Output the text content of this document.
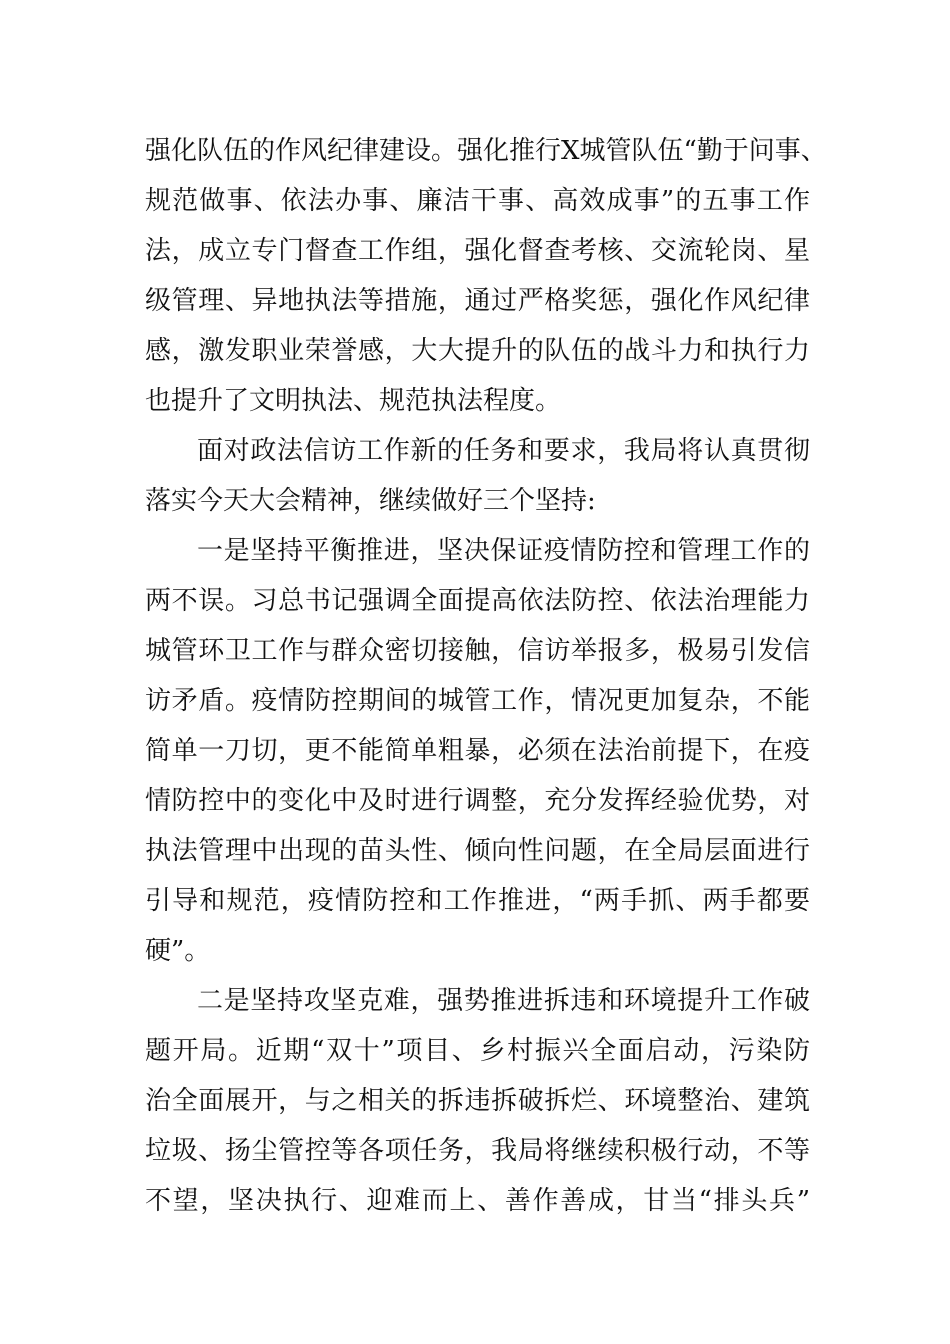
强化队伍的作风纪律建设。强化推行X城管队伍“勤于问事、
规范做事、依法办事、廉洁干事、高效成事”的五事工作
法，成立专门督查工作组，强化督查考核、交流轮岗、星
级管理、异地执法等措施，通过严格奖惩，强化作风纪律
感，激发职业荣誉感，大大提升的队伍的战斗力和执行力
也提升了文明执法、规范执法程度。
面对政法信访工作新的任务和要求，我局将认真贯彻
落实今天大会精神，继续做好三个坚持:
一是坚持平衡推进，坚决保证疫情防控和管理工作的
两不误。习总书记强调全面提高依法防控、依法治理能力
城管环卫工作与群众密切接触，信访举报多，极易引发信
访矛盾。疫情防控期间的城管工作，情况更加复杂，不能
简单一刀切，更不能简单粗暴，必须在法治前提下，在疫
情防控中的变化中及时进行调整，充分发挥经验优势，对
执法管理中出现的苗头性、倾向性问题，在全局层面进行
引导和规范，疫情防控和工作推进，“两手抓、两手都要
硬”。
二是坚持攻坚克难，强势推进拆违和环境提升工作破
题开局。近期“双十”项目、乡村振兴全面启动，污染防
治全面展开，与之相关的拆违拆破拆烂、环境整治、建筑
垃圾、扬尘管控等各项任务，我局将继续积极行动，不等
不望，坚决执行、迎难而上、善作善成，甘当“排头兵”
